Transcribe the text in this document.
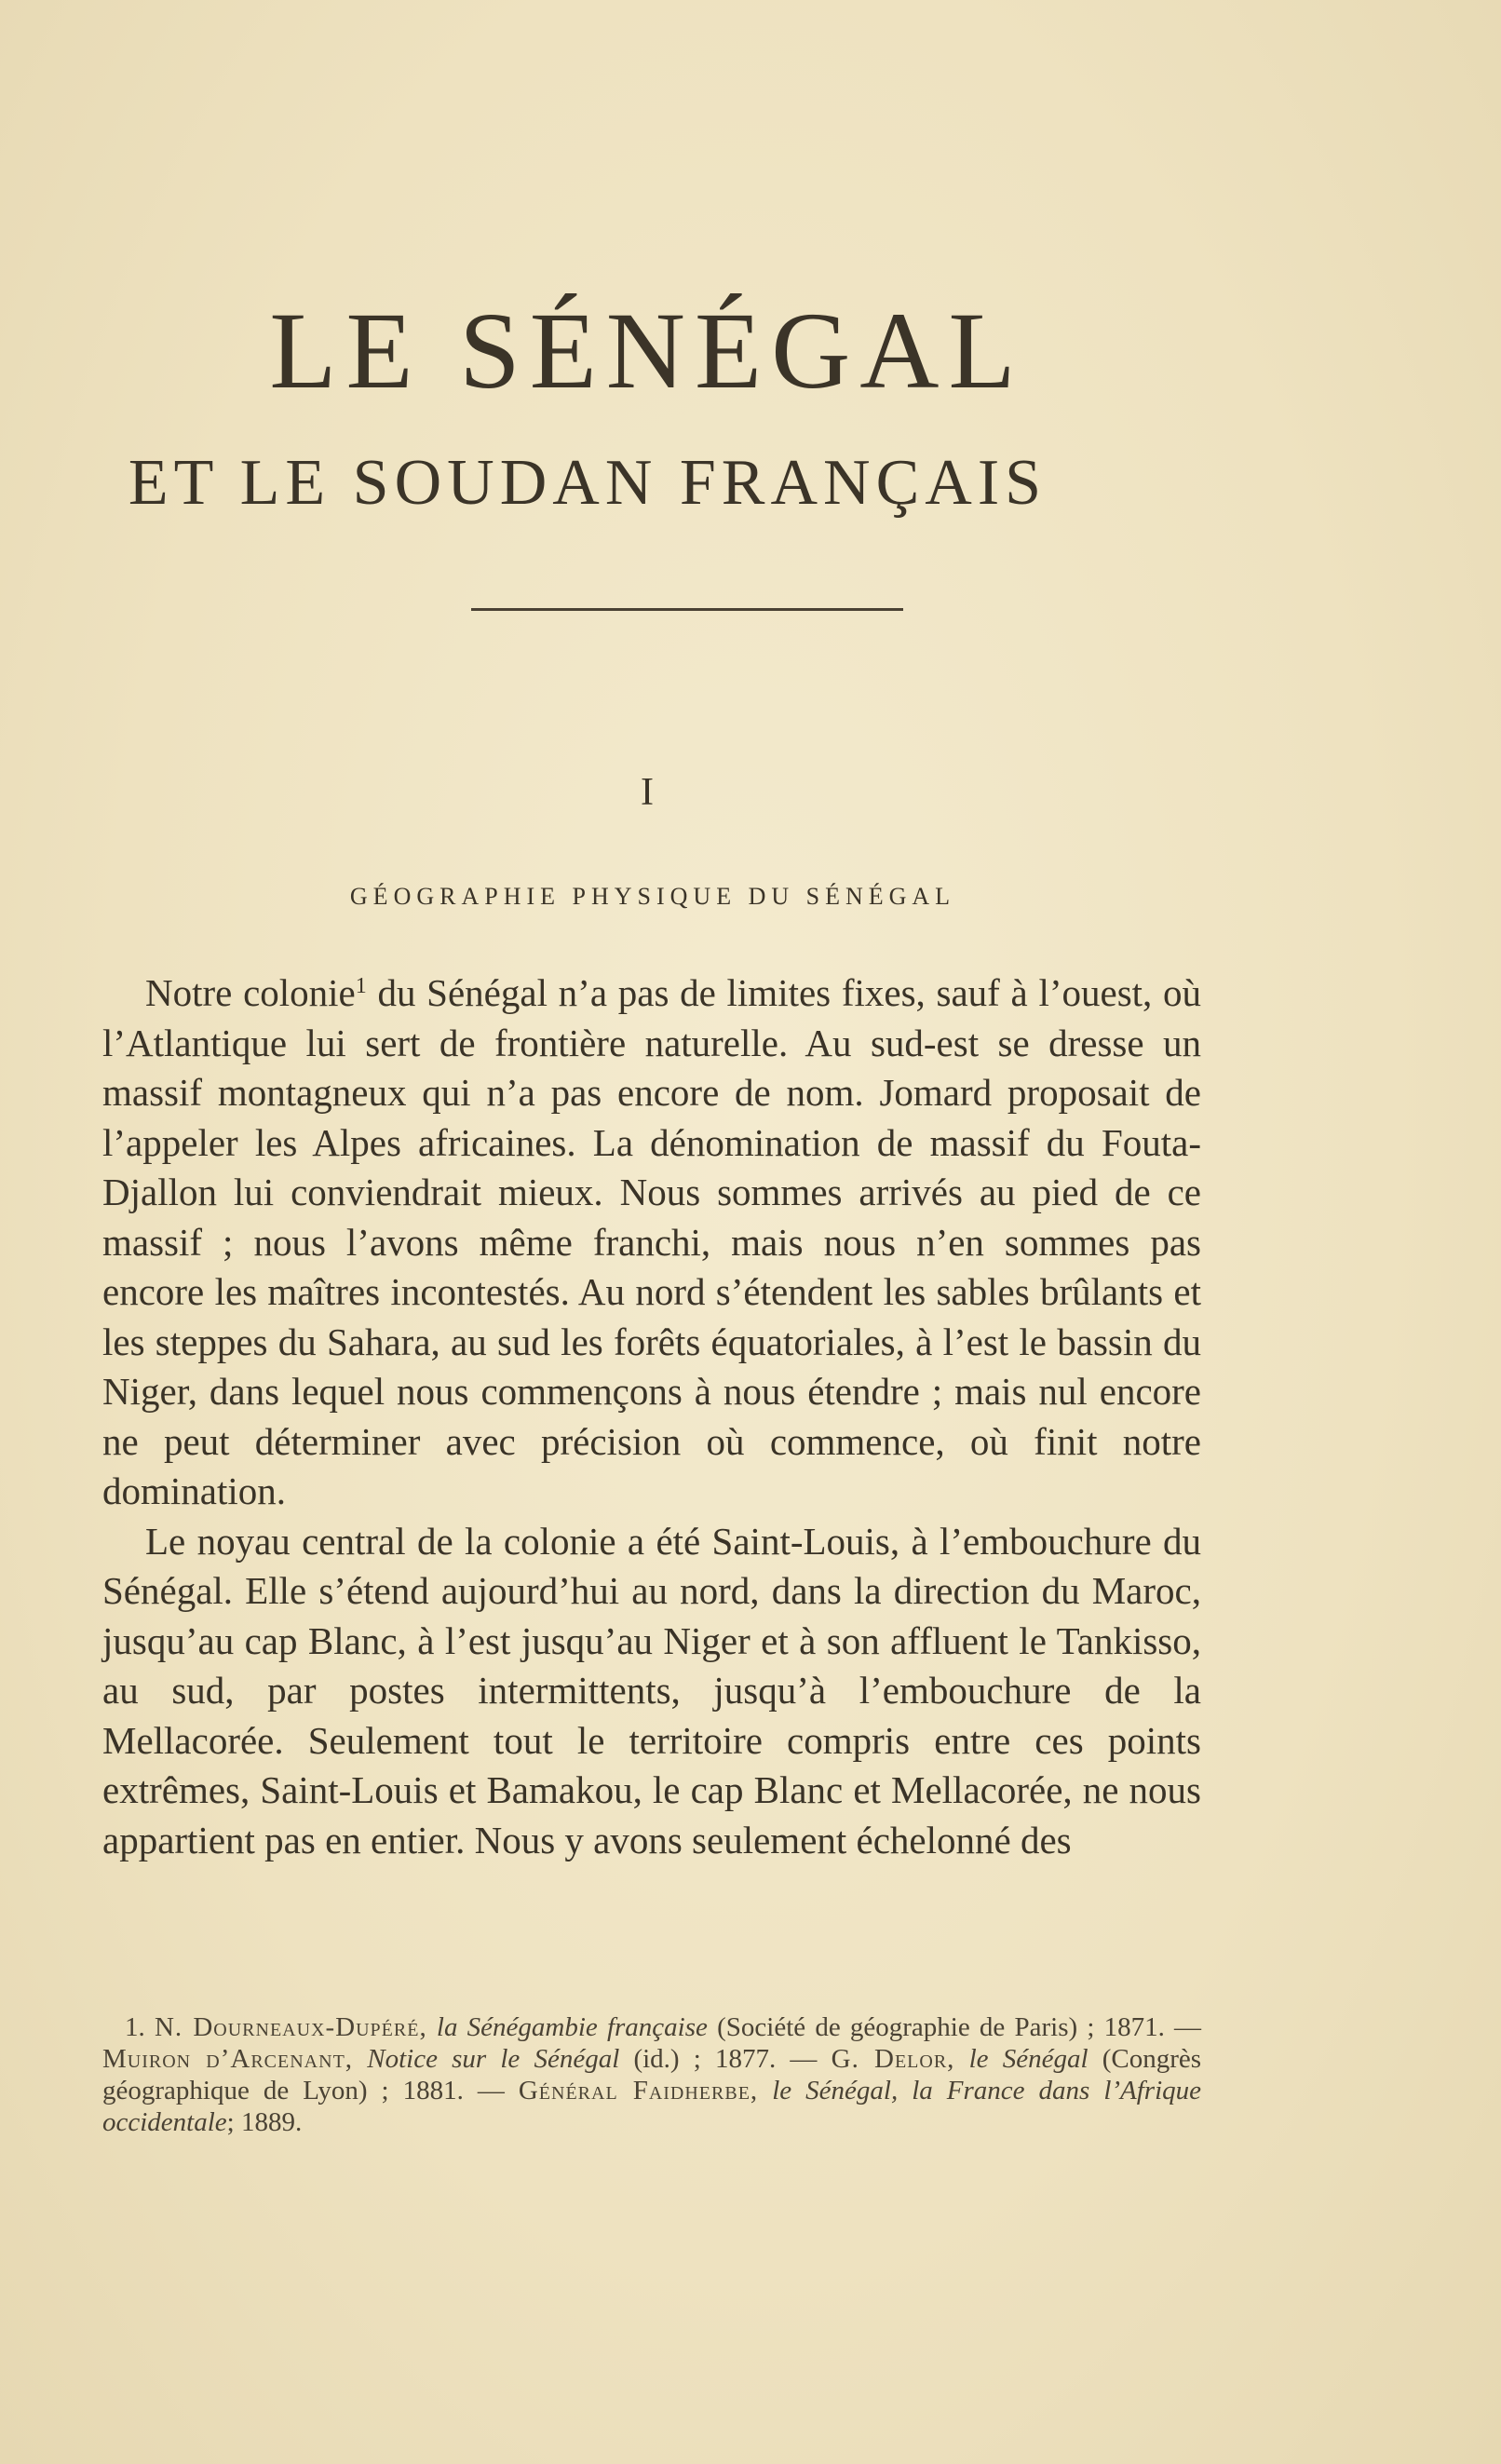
LE SÉNÉGAL
ET LE SOUDAN FRANÇAIS
I
GÉOGRAPHIE PHYSIQUE DU SÉNÉGAL

Notre colonie$^1$ du Sénégal n’a pas de limites fixes, sauf à l’ouest, où l’Atlantique lui sert de frontière naturelle. Au sud-est se dresse un massif montagneux qui n’a pas encore de nom. Jomard proposait de l’appeler les Alpes africaines. La dénomination de massif du Fouta-Djallon lui conviendrait mieux. Nous sommes arrivés au pied de ce massif ; nous l’avons même franchi, mais nous n’en sommes pas encore les maîtres incontestés. Au nord s’étendent les sables brûlants et les steppes du Sahara, au sud les forêts équatoriales, à l’est le bassin du Niger, dans lequel nous commençons à nous étendre ; mais nul encore ne peut déterminer avec précision où commence, où finit notre domination.

Le noyau central de la colonie a été Saint-Louis, à l’embouchure du Sénégal. Elle s’étend aujourd’hui au nord, dans la direction du Maroc, jusqu’au cap Blanc, à l’est jusqu’au Niger et à son affluent le Tankisso, au sud, par postes intermittents, jusqu’à l’embouchure de la Mellacorée. Seulement tout le territoire compris entre ces points extrêmes, Saint-Louis et Bamakou, le cap Blanc et Mellacorée, ne nous appartient pas en entier. Nous y avons seulement échelonné des

1. N. Dourneaux-Dupéré, la Sénégambie française (Société de géographie de Paris) ; 1871. — Muiron d’Arcenant, Notice sur le Sénégal (id.) ; 1877. — G. Delor, le Sénégal (Congrès géographique de Lyon) ; 1881. — Général Faidherbe, le Sénégal, la France dans l’Afrique occidentale; 1889.
